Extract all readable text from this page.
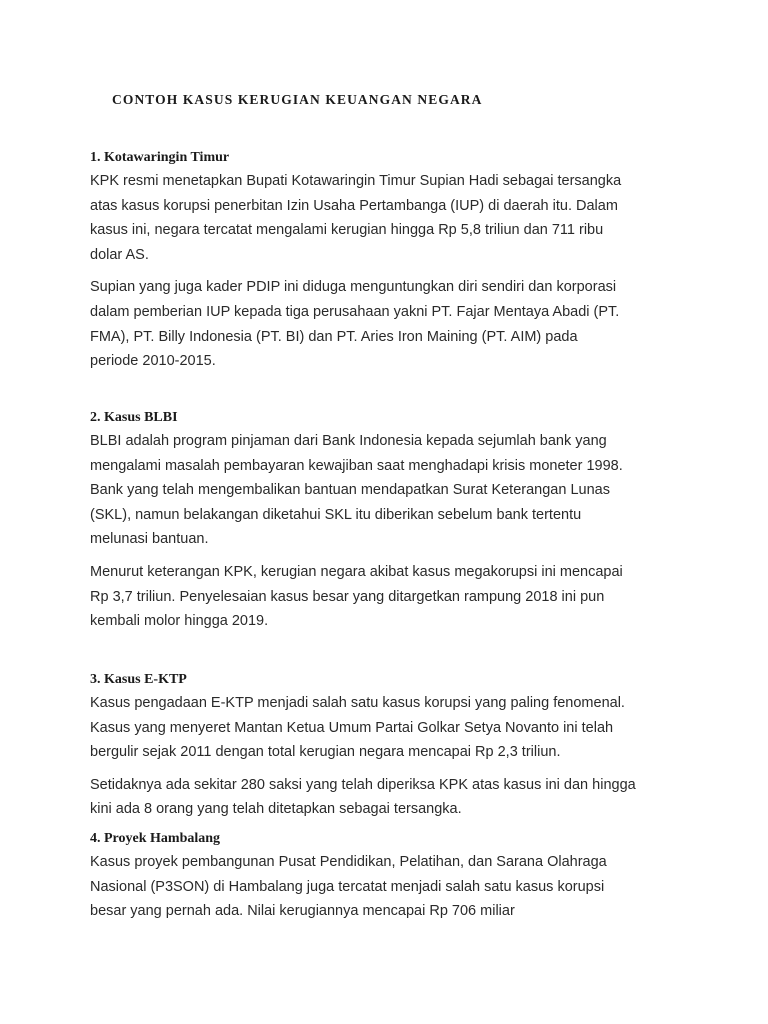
CONTOH KASUS KERUGIAN KEUANGAN NEGARA
1. Kotawaringin Timur

KPK resmi menetapkan Bupati Kotawaringin Timur Supian Hadi sebagai tersangka
atas kasus korupsi penerbitan Izin Usaha Pertambanga (IUP) di daerah itu. Dalam
kasus ini, negara tercatat mengalami kerugian hingga Rp 5,8 triliun dan 711 ribu
dolar AS.

Supian yang juga kader PDIP ini diduga menguntungkan diri sendiri dan korporasi
dalam pemberian IUP kepada tiga perusahaan yakni PT. Fajar Mentaya Abadi (PT.
FMA), PT. Billy Indonesia (PT. BI) dan PT. Aries Iron Maining (PT. AIM) pada
periode 2010-2015.

2. Kasus BLBI

BLBI adalah program pinjaman dari Bank Indonesia kepada sejumlah bank yang
mengalami masalah pembayaran kewajiban saat menghadapi krisis moneter 1998.
Bank yang telah mengembalikan bantuan mendapatkan Surat Keterangan Lunas
(SKL), namun belakangan diketahui SKL itu diberikan sebelum bank tertentu
melunasi bantuan.

Menurut keterangan KPK, kerugian negara akibat kasus megakorupsi ini mencapai
Rp 3,7 triliun. Penyelesaian kasus besar yang ditargetkan rampung 2018 ini pun
kembali molor hingga 2019.

3. Kasus E-KTP

Kasus pengadaan E-KTP menjadi salah satu kasus korupsi yang paling fenomenal.
Kasus yang menyeret Mantan Ketua Umum Partai Golkar Setya Novanto ini telah
bergulir sejak 2011 dengan total kerugian negara mencapai Rp 2,3 triliun.

Setidaknya ada sekitar 280 saksi yang telah diperiksa KPK atas kasus ini dan hingga
kini ada 8 orang yang telah ditetapkan sebagai tersangka.

4. Proyek Hambalang

Kasus proyek pembangunan Pusat Pendidikan, Pelatihan, dan Sarana Olahraga
Nasional (P3SON) di Hambalang juga tercatat menjadi salah satu kasus korupsi
besar yang pernah ada. Nilai kerugiannya mencapai Rp 706 miliar
